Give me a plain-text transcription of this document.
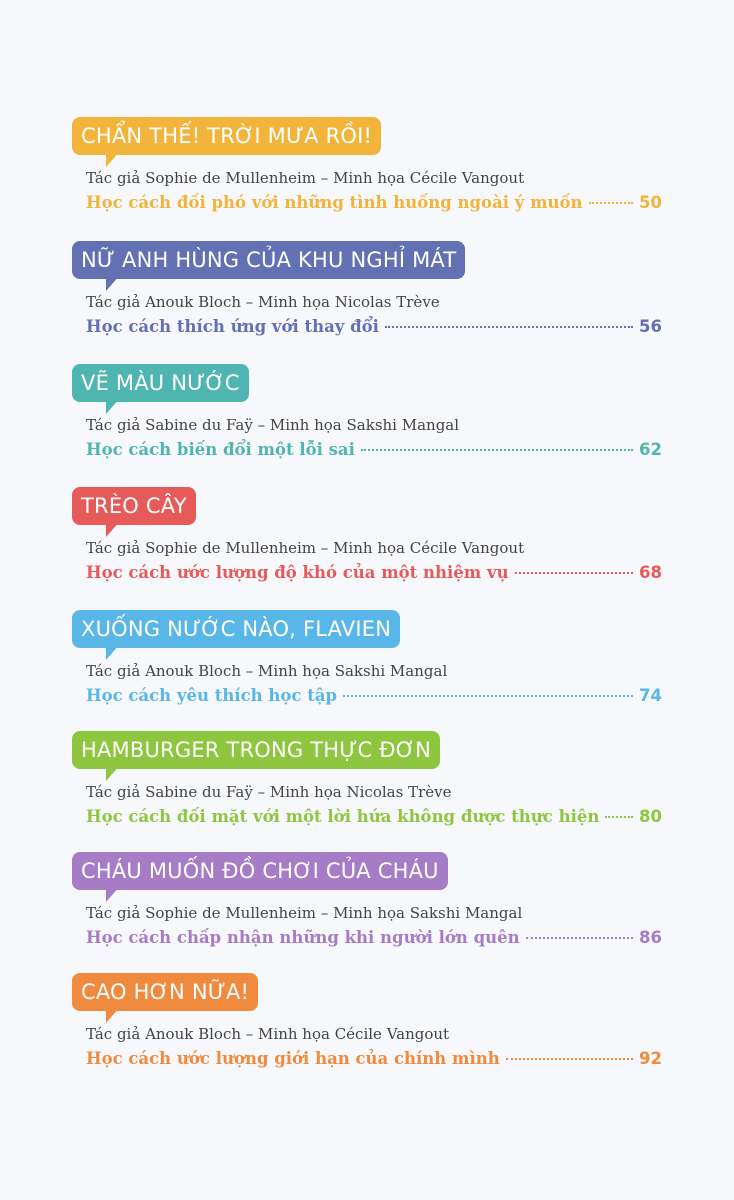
CHẨN THẾ! TRỜI MƯA RỒI!
Tác giả Sophie de Mullenheim – Minh họa Cécile Vangout
Học cách đối phó với những tình huống ngoài ý muốn	50
NỮ ANH HÙNG CỦA KHU NGHỈ MÁT
Tác giả Anouk Bloch – Minh họa Nicolas Trève
Học cách thích ứng với thay đổi	56
VẼ MÀU NƯỚC
Tác giả Sabine du Faÿ – Minh họa Sakshi Mangal
Học cách biến đổi một lỗi sai	62
TRÈO CÂY
Tác giả Sophie de Mullenheim – Minh họa Cécile Vangout
Học cách ước lượng độ khó của một nhiệm vụ	68
XUỐNG NƯỚC NÀO, FLAVIEN
Tác giả Anouk Bloch – Minh họa Sakshi Mangal
Học cách yêu thích học tập	74
HAMBURGER TRONG THỰC ĐƠN
Tác giả Sabine du Faÿ – Minh họa Nicolas Trève
Học cách đối mặt với một lời hứa không được thực hiện 80
CHÁU MUỐN ĐỒ CHƠI CỦA CHÁU
Tác giả Sophie de Mullenheim – Minh họa Sakshi Mangal
Học cách chấp nhận những khi người lớn quên	86
CAO HƠN NỮA!
Tác giả Anouk Bloch – Minh họa Cécile Vangout
Học cách ước lượng giới hạn của chính mình	92
